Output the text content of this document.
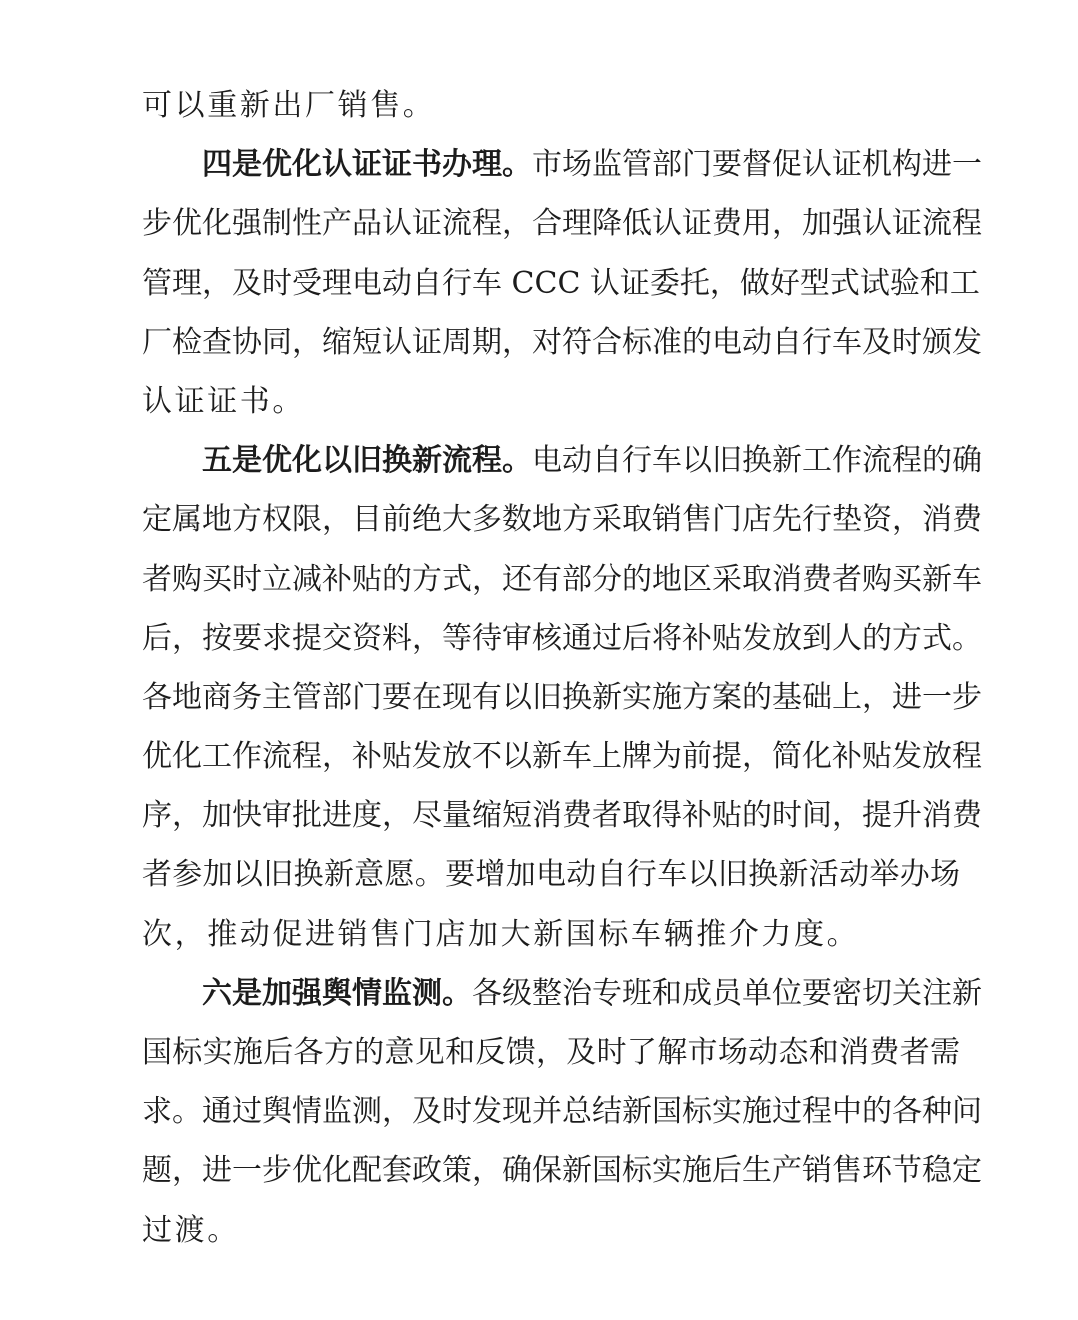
可以重新出厂销售。
四是优化认证证书办理。市场监管部门要督促认证机构进一
步优化强制性产品认证流程，合理降低认证费用，加强认证流程
管理，及时受理电动自行车 CCC 认证委托，做好型式试验和工
厂检查协同，缩短认证周期，对符合标准的电动自行车及时颁发
认证证书。
五是优化以旧换新流程。电动自行车以旧换新工作流程的确
定属地方权限，目前绝大多数地方采取销售门店先行垫资，消费
者购买时立减补贴的方式，还有部分的地区采取消费者购买新车
后，按要求提交资料，等待审核通过后将补贴发放到人的方式。
各地商务主管部门要在现有以旧换新实施方案的基础上，进一步
优化工作流程，补贴发放不以新车上牌为前提，简化补贴发放程
序，加快审批进度，尽量缩短消费者取得补贴的时间，提升消费
者参加以旧换新意愿。要增加电动自行车以旧换新活动举办场
次，推动促进销售门店加大新国标车辆推介力度。
六是加强舆情监测。各级整治专班和成员单位要密切关注新
国标实施后各方的意见和反馈，及时了解市场动态和消费者需
求。通过舆情监测，及时发现并总结新国标实施过程中的各种问
题，进一步优化配套政策，确保新国标实施后生产销售环节稳定
过渡。
